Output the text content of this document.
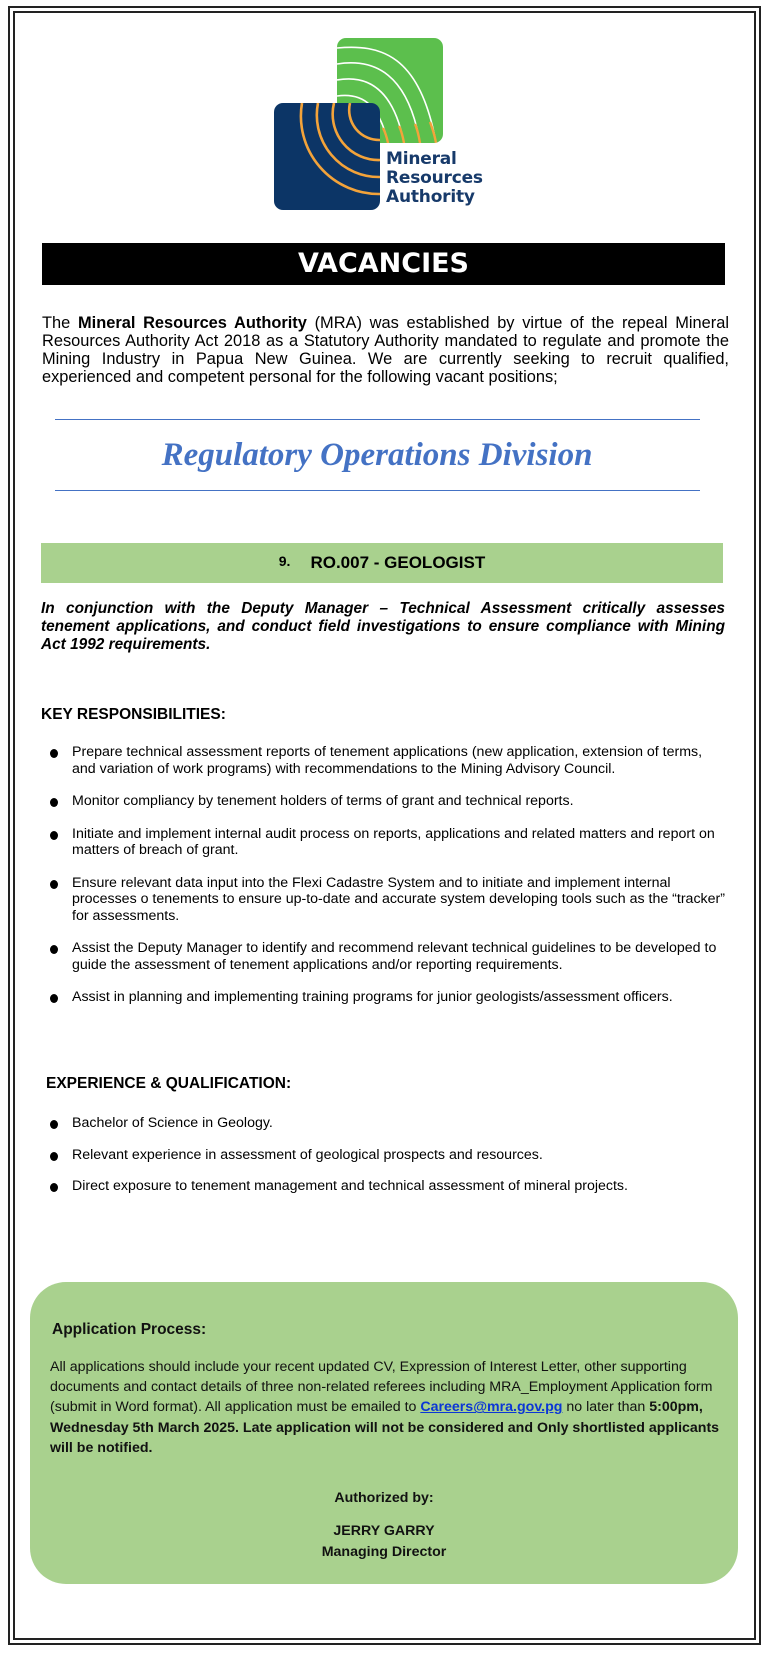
Mineral
Resources
Authority
VACANCIES

The Mineral Resources Authority (MRA) was established by virtue of the repeal Mineral Resources Authority Act 2018 as a Statutory Authority mandated to regulate and promote the Mining Industry in Papua New Guinea. We are currently seeking to recruit qualified, experienced and competent personal for the following vacant positions;

Regulatory Operations Division
9. RO.007 - GEOLOGIST

In conjunction with the Deputy Manager – Technical Assessment critically assesses tenement applications, and conduct field investigations to ensure compliance with Mining Act 1992 requirements.

KEY RESPONSIBILITIES:
Prepare technical assessment reports of tenement applications (new application, extension of terms, and variation of work programs) with recommendations to the Mining Advisory Council.
Monitor compliancy by tenement holders of terms of grant and technical reports.
Initiate and implement internal audit process on reports, applications and related matters and report on matters of breach of grant.
Ensure relevant data input into the Flexi Cadastre System and to initiate and implement internal processes o tenements to ensure up-to-date and accurate system developing tools such as the “tracker” for assessments.
Assist the Deputy Manager to identify and recommend relevant technical guidelines to be developed to guide the assessment of tenement applications and/or reporting requirements.
Assist in planning and implementing training programs for junior geologists/assessment officers.
EXPERIENCE & QUALIFICATION:
Bachelor of Science in Geology.
Relevant experience in assessment of geological prospects and resources.
Direct exposure to tenement management and technical assessment of mineral projects.
Application Process:

All applications should include your recent updated CV, Expression of Interest Letter, other supporting documents and contact details of three non-related referees including MRA_Employment Application form (submit in Word format). All application must be emailed to Careers@mra.gov.pg no later than 5:00pm, Wednesday 5th March 2025. Late application will not be considered and Only shortlisted applicants will be notified.

Authorized by:
JERRY GARRY
Managing Director
